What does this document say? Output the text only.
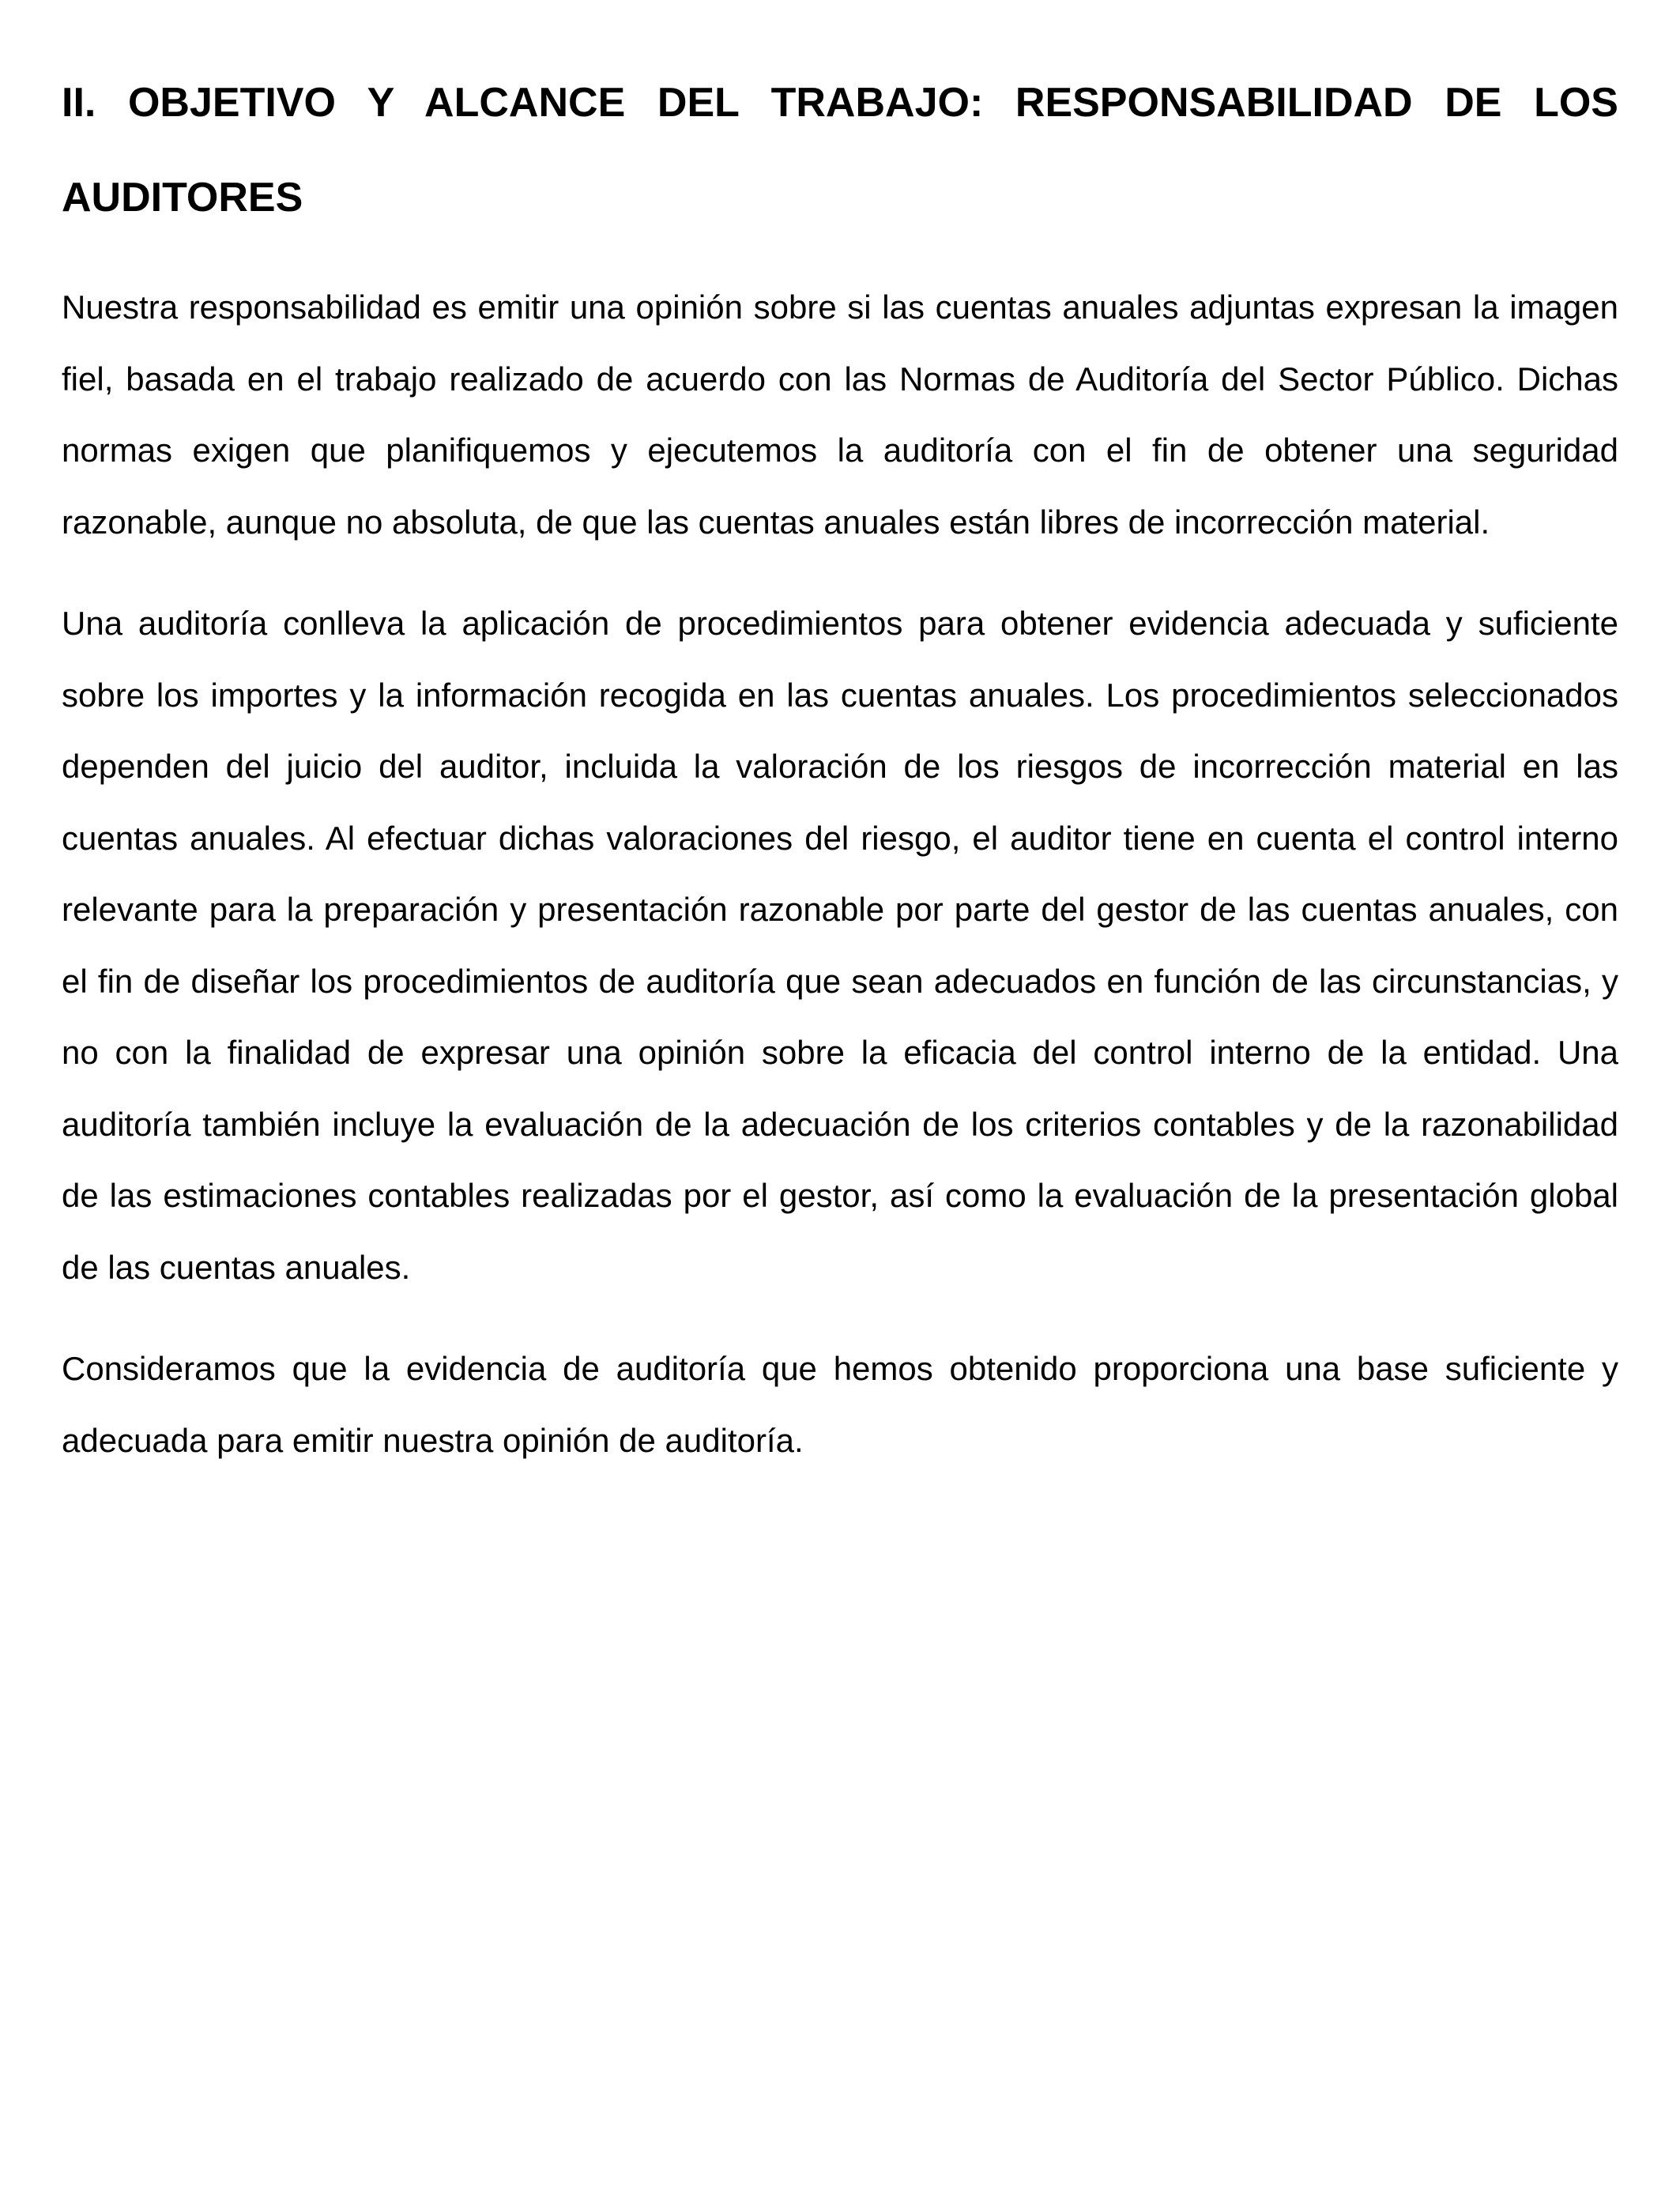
II. OBJETIVO Y ALCANCE DEL TRABAJO: RESPONSABILIDAD DE LOS AUDITORES

Nuestra responsabilidad es emitir una opinión sobre si las cuentas anuales adjuntas expresan la imagen fiel, basada en el trabajo realizado de acuerdo con las Normas de Auditoría del Sector Público. Dichas normas exigen que planifiquemos y ejecutemos la auditoría con el fin de obtener una seguridad razonable, aunque no absoluta, de que las cuentas anuales están libres de incorrección material.

Una auditoría conlleva la aplicación de procedimientos para obtener evidencia adecuada y suficiente sobre los importes y la información recogida en las cuentas anuales. Los procedimientos seleccionados dependen del juicio del auditor, incluida la valoración de los riesgos de incorrección material en las cuentas anuales. Al efectuar dichas valoraciones del riesgo, el auditor tiene en cuenta el control interno relevante para la preparación y presentación razonable por parte del gestor de las cuentas anuales, con el fin de diseñar los procedimientos de auditoría que sean adecuados en función de las circunstancias, y no con la finalidad de expresar una opinión sobre la eficacia del control interno de la entidad. Una auditoría también incluye la evaluación de la adecuación de los criterios contables y de la razonabilidad de las estimaciones contables realizadas por el gestor, así como la evaluación de la presentación global de las cuentas anuales.

Consideramos que la evidencia de auditoría que hemos obtenido proporciona una base suficiente y adecuada para emitir nuestra opinión de auditoría.
